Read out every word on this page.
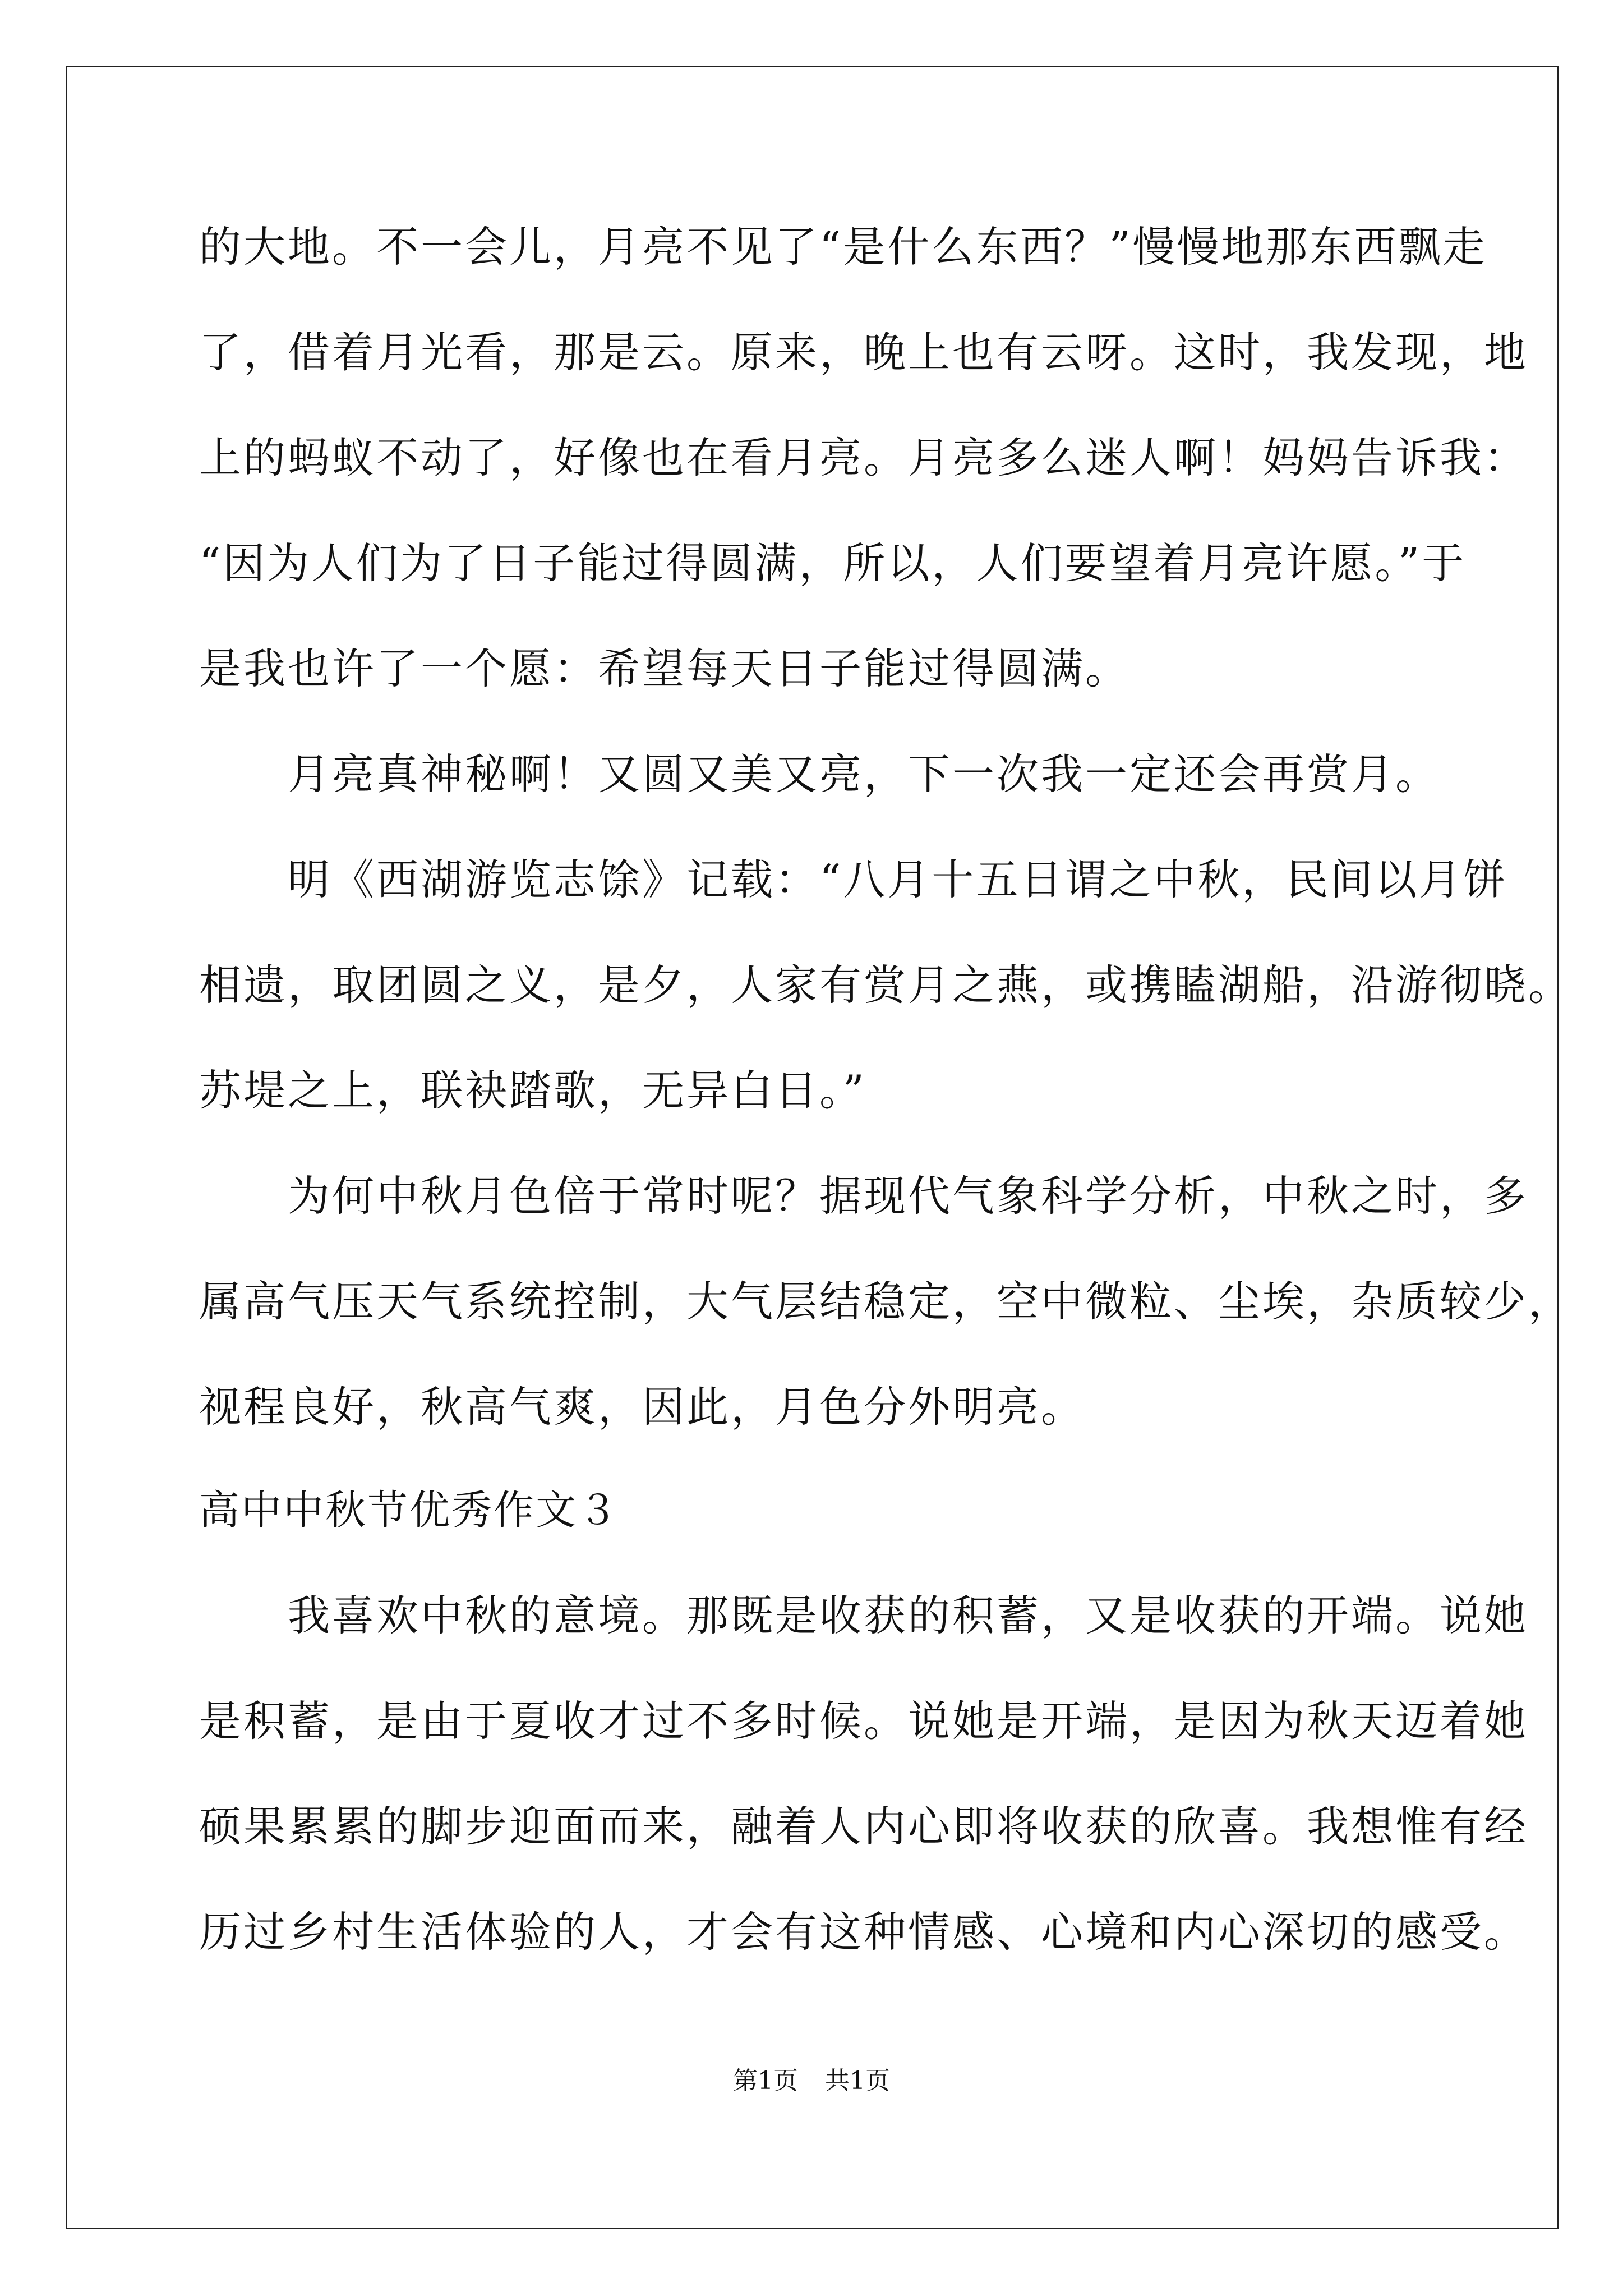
的大地。不一会儿，月亮不见了“是什么东西？”慢慢地那东西飘走
了，借着月光看，那是云。原来，晚上也有云呀。这时，我发现，地
上的蚂蚁不动了，好像也在看月亮。月亮多么迷人啊！妈妈告诉我：
“因为人们为了日子能过得圆满，所以，人们要望着月亮许愿。”于
是我也许了一个愿：希望每天日子能过得圆满。
　　月亮真神秘啊！又圆又美又亮，下一次我一定还会再赏月。
　　明《西湖游览志馀》记载：“八月十五日谓之中秋，民间以月饼
相遗，取团圆之义，是夕，人家有赏月之燕，或携瞌湖船，沿游彻晓。
苏堤之上，联袂踏歌，无异白日。”
　　为何中秋月色倍于常时呢？据现代气象科学分析，中秋之时，多
属高气压天气系统控制，大气层结稳定，空中微粒、尘埃，杂质较少，
视程良好，秋高气爽，因此，月色分外明亮。
高中中秋节优秀作文３
　　我喜欢中秋的意境。那既是收获的积蓄，又是收获的开端。说她
是积蓄，是由于夏收才过不多时候。说她是开端，是因为秋天迈着她
硕果累累的脚步迎面而来，融着人内心即将收获的欣喜。我想惟有经
历过乡村生活体验的人，才会有这种情感、心境和内心深切的感受。
第1页 共1页
